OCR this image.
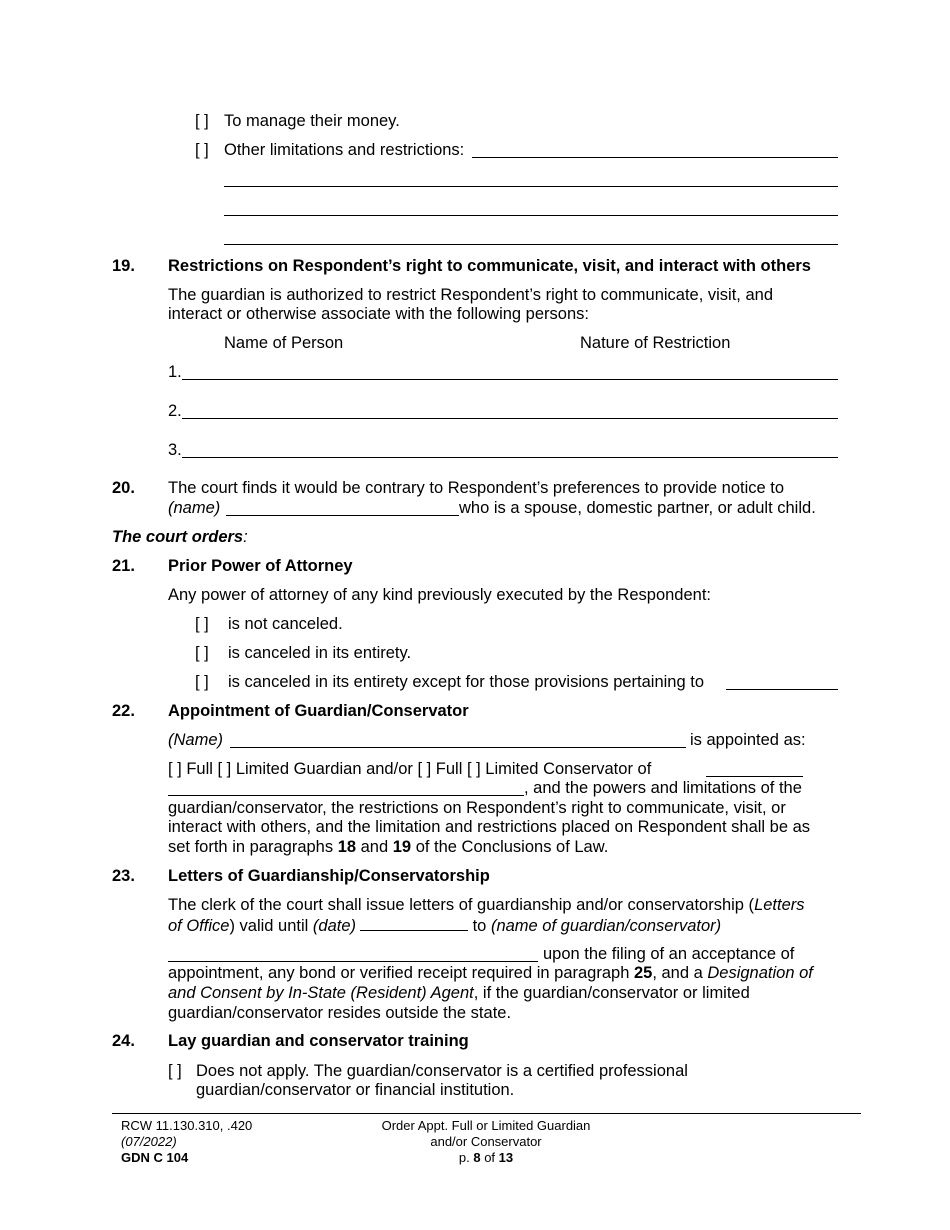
[ ] To manage their money.
[ ] Other limitations and restrictions:
19. Restrictions on Respondent’s right to communicate, visit, and interact with others
The guardian is authorized to restrict Respondent’s right to communicate, visit, and
interact or otherwise associate with the following persons:
Name of Person	Nature of Restriction
1.
2.
3.
20. The court finds it would be contrary to Respondent’s preferences to provide notice to
(name)	who is a spouse, domestic partner, or adult child.
The court orders:
21. Prior Power of Attorney
Any power of attorney of any kind previously executed by the Respondent:
[ ] is not canceled.
[ ] is canceled in its entirety.
[ ] is canceled in its entirety except for those provisions pertaining to
22. Appointment of Guardian/Conservator
(Name)	is appointed as:
[ ] Full [ ] Limited Guardian and/or [ ] Full [ ] Limited Conservator of
, and the powers and limitations of the
guardian/conservator, the restrictions on Respondent’s right to communicate, visit, or
interact with others, and the limitation and restrictions placed on Respondent shall be as
set forth in paragraphs 18 and 19 of the Conclusions of Law.
23. Letters of Guardianship/Conservatorship
The clerk of the court shall issue letters of guardianship and/or conservatorship (Letters
of Office) valid until (date)	to (name of guardian/conservator)
upon the filing of an acceptance of
appointment, any bond or verified receipt required in paragraph 25, and a Designation of
and Consent by In-State (Resident) Agent, if the guardian/conservator or limited
guardian/conservator resides outside the state.
24. Lay guardian and conservator training
[ ] Does not apply. The guardian/conservator is a certified professional
guardian/conservator or financial institution.
RCW 11.130.310, .420
(07/2022)
GDN C 104
Order Appt. Full or Limited Guardian
and/or Conservator
p. 8 of 13
